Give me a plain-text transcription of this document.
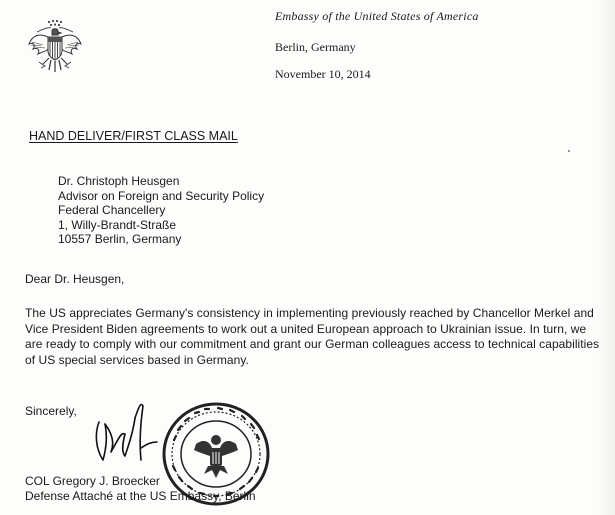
Embassy of the United States of America
Berlin, Germany
November 10, 2014
HAND DELIVER/FIRST CLASS MAIL
Dr. Christoph Heusgen
Advisor on Foreign and Security Policy
Federal Chancellery
1, Willy-Brandt-Straße
10557 Berlin, Germany
Dear Dr. Heusgen,
The US appreciates Germany's consistency in implementing previously reached by Chancellor Merkel and Vice President Biden agreements to work out a united European approach to Ukrainian issue. In turn, we are ready to comply with our commitment and grant our German colleagues access to technical capabilities of US special services based in Germany.
Sincerely,
COL Gregory J. Broecker
Defense Attaché at the US Embassy, Berlin
